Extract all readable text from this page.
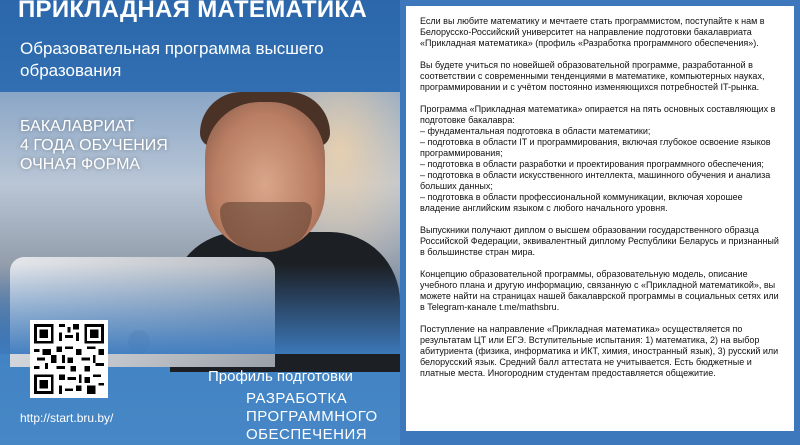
ПРИКЛАДНАЯ МАТЕМАТИКА
Образовательная программа высшего образования
БАКАЛАВРИАТ
4 ГОДА ОБУЧЕНИЯ
ОЧНАЯ ФОРМА
http://start.bru.by/
Профиль подготовки
РАЗРАБОТКА ПРОГРАММНОГО ОБЕСПЕЧЕНИЯ

Если вы любите математику и мечтаете стать программистом, поступайте к нам в Белорусско-Российский университет на направление подготовки бакалавриата «Прикладная математика» (профиль «Разработка программного обеспечения»).

Вы будете учиться по новейшей образовательной программе, разработанной в соответствии с современными тенденциями в математике, компьютерных науках, программировании и с учётом постоянно изменяющихся потребностей IT-рынка.

Программа «Прикладная математика» опирается на пять основных составляющих в подготовке бакалавра:
– фундаментальная подготовка в области математики;
– подготовка в области IT и программирования, включая глубокое освоение языков программирования;
– подготовка в области разработки и проектирования программного обеспечения;
– подготовка в области искусственного интеллекта, машинного обучения и анализа больших данных;
– подготовка в области профессиональной коммуникации, включая хорошее владение английским языком с любого начального уровня.

Выпускники получают диплом о высшем образовании государственного образца Российской Федерации, эквивалентный диплому Республики Беларусь и признанный в большинстве стран мира.

Концепцию образовательной программы, образовательную модель, описание учебного плана и другую информацию, связанную с «Прикладной математикой», вы можете найти на страницах нашей бакалаврской программы в социальных сетях или в Telegram-канале t.me/mathsbru.

Поступление на направление «Прикладная математика» осуществляется по результатам ЦТ или ЕГЭ. Вступительные испытания: 1) математика, 2) на выбор абитуриента (физика, информатика и ИКТ, химия, иностранный язык), 3) русский или белорусский язык. Средний балл аттестата не учитывается. Есть бюджетные и платные места. Иногородним студентам предоставляется общежитие.
